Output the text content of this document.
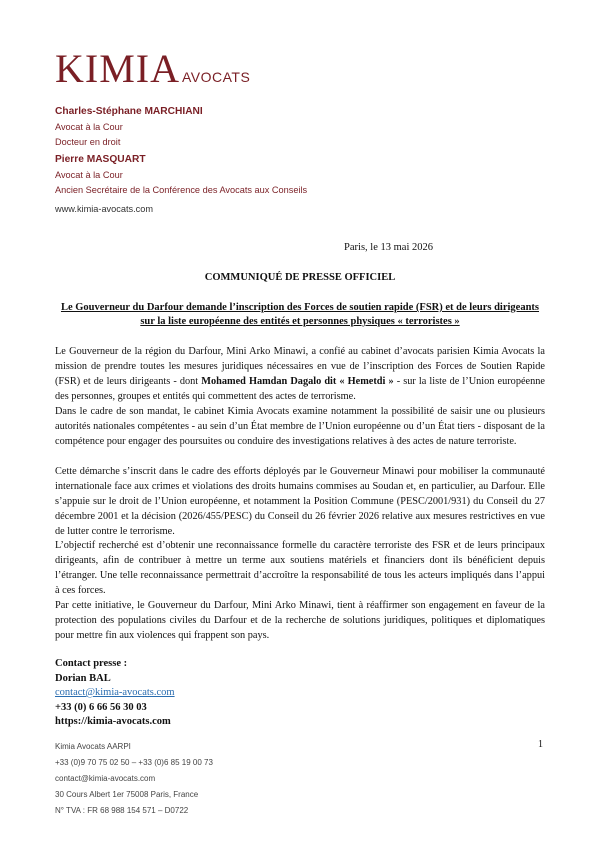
KIMIA AVOCATS
Charles-Stéphane MARCHIANI
Avocat à la Cour
Docteur en droit
Pierre MASQUART
Avocat à la Cour
Ancien Secrétaire de la Conférence des Avocats aux Conseils
www.kimia-avocats.com
Paris, le 13 mai 2026
COMMUNIQUÉ DE PRESSE OFFICIEL
Le Gouverneur du Darfour demande l’inscription des Forces de soutien rapide (FSR) et de leurs dirigeants sur la liste européenne des entités et personnes physiques « terroristes »
Le Gouverneur de la région du Darfour, Mini Arko Minawi, a confié au cabinet d’avocats parisien Kimia Avocats la mission de prendre toutes les mesures juridiques nécessaires en vue de l’inscription des Forces de Soutien Rapide (FSR) et de leurs dirigeants - dont Mohamed Hamdan Dagalo dit « Hemetdi » - sur la liste de l’Union européenne des personnes, groupes et entités qui commettent des actes de terrorisme.
Dans le cadre de son mandat, le cabinet Kimia Avocats examine notamment la possibilité de saisir une ou plusieurs autorités nationales compétentes - au sein d’un État membre de l’Union européenne ou d’un État tiers - disposant de la compétence pour engager des poursuites ou conduire des investigations relatives à des actes de nature terroriste.
Cette démarche s’inscrit dans le cadre des efforts déployés par le Gouverneur Minawi pour mobiliser la communauté internationale face aux crimes et violations des droits humains commises au Soudan et, en particulier, au Darfour. Elle s’appuie sur le droit de l’Union européenne, et notamment la Position Commune (PESC/2001/931) du Conseil du 27 décembre 2001 et la décision (2026/455/PESC) du Conseil du 26 février 2026 relative aux mesures restrictives en vue de lutter contre le terrorisme.
L’objectif recherché est d’obtenir une reconnaissance formelle du caractère terroriste des FSR et de leurs principaux dirigeants, afin de contribuer à mettre un terme aux soutiens matériels et financiers dont ils bénéficient depuis l’étranger. Une telle reconnaissance permettrait d’accroître la responsabilité de tous les acteurs impliqués dans l’appui à ces forces.
Par cette initiative, le Gouverneur du Darfour, Mini Arko Minawi, tient à réaffirmer son engagement en faveur de la protection des populations civiles du Darfour et de la recherche de solutions juridiques, politiques et diplomatiques pour mettre fin aux violences qui frappent son pays.
Contact presse :
Dorian BAL
contact@kimia-avocats.com
+33 (0) 6 66 56 30 03
https://kimia-avocats.com
Kimia Avocats AARPI	1
+33 (0)9 70 75 02 50 – +33 (0)6 85 19 00 73
contact@kimia-avocats.com
30 Cours Albert 1er 75008 Paris, France
N° TVA : FR 68 988 154 571 – D0722
